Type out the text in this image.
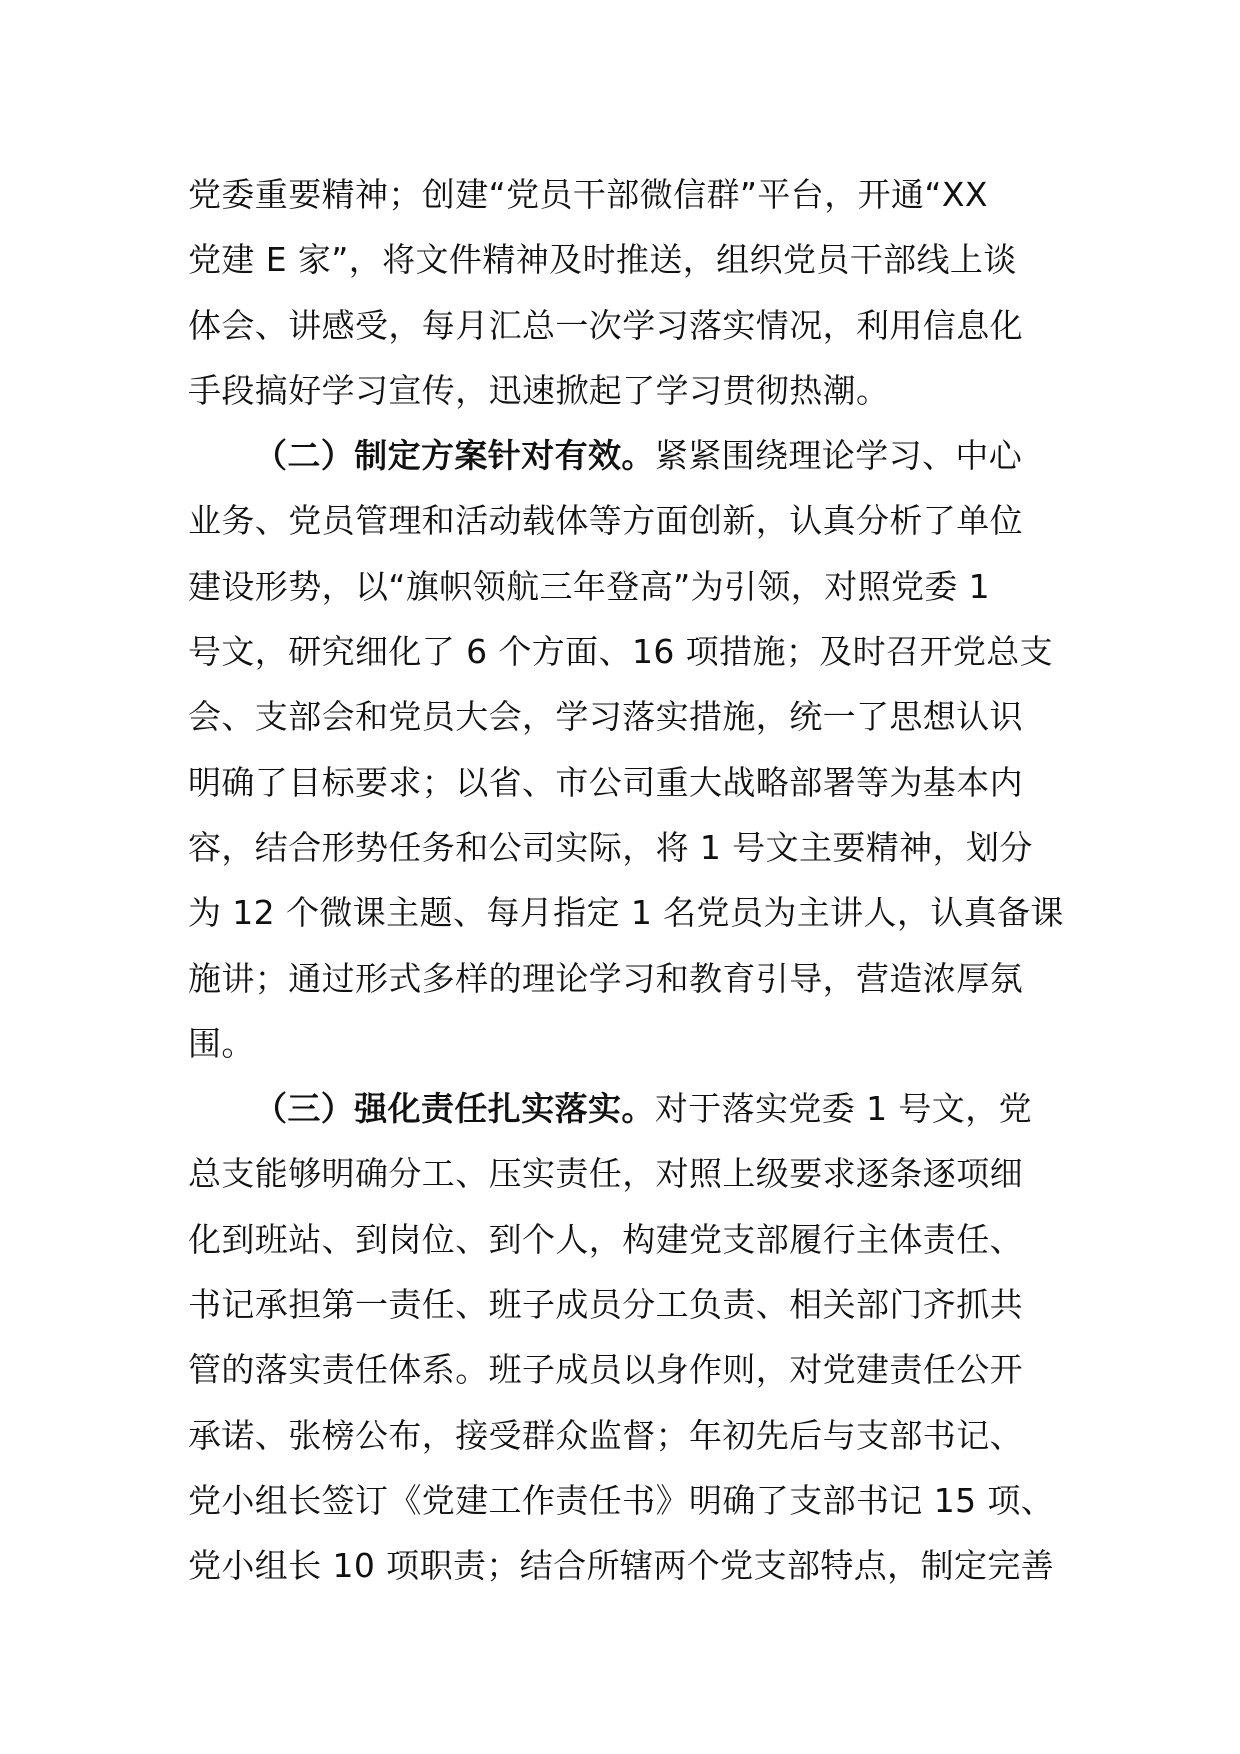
党委重要精神；创建“党员干部微信群”平台，开通“XX
党建 E 家”，将文件精神及时推送，组织党员干部线上谈
体会、讲感受，每月汇总一次学习落实情况，利用信息化
手段搞好学习宣传，迅速掀起了学习贯彻热潮。
（二）制定方案针对有效。紧紧围绕理论学习、中心
业务、党员管理和活动载体等方面创新，认真分析了单位
建设形势，以“旗帜领航三年登高”为引领，对照党委 1
号文，研究细化了 6 个方面、16 项措施；及时召开党总支
会、支部会和党员大会，学习落实措施，统一了思想认识
明确了目标要求；以省、市公司重大战略部署等为基本内
容，结合形势任务和公司实际，将 1 号文主要精神，划分
为 12 个微课主题、每月指定 1 名党员为主讲人，认真备课
施讲；通过形式多样的理论学习和教育引导，营造浓厚氛
围。
（三）强化责任扎实落实。对于落实党委 1 号文，党
总支能够明确分工、压实责任，对照上级要求逐条逐项细
化到班站、到岗位、到个人，构建党支部履行主体责任、
书记承担第一责任、班子成员分工负责、相关部门齐抓共
管的落实责任体系。班子成员以身作则，对党建责任公开
承诺、张榜公布，接受群众监督；年初先后与支部书记、
党小组长签订《党建工作责任书》明确了支部书记 15 项、
党小组长 10 项职责；结合所辖两个党支部特点，制定完善
